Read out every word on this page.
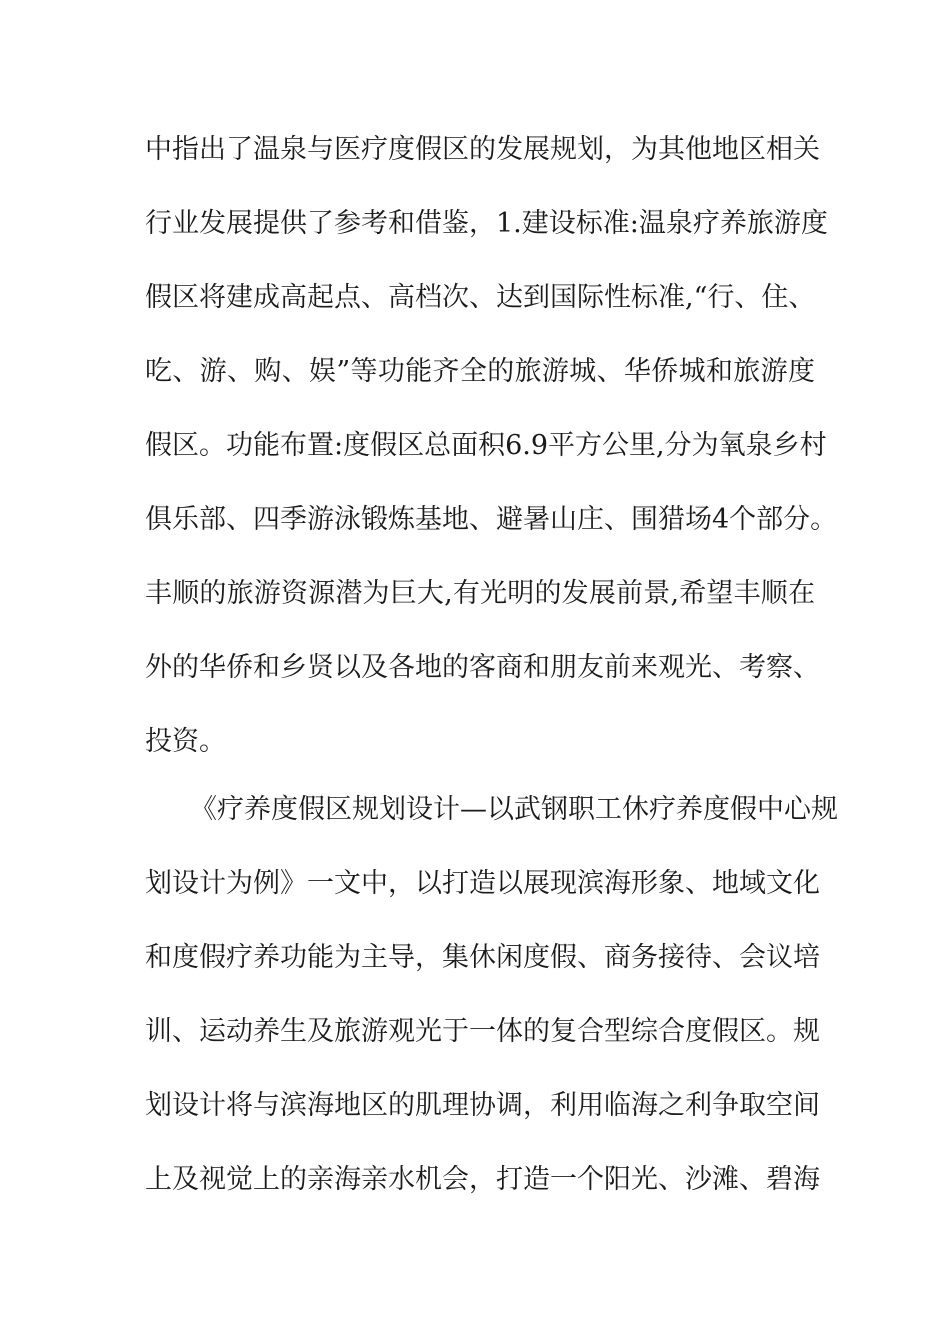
中指出了温泉与医疗度假区的发展规划，为其他地区相关
行业发展提供了参考和借鉴，1.建设标准:温泉疗养旅游度
假区将建成高起点、高档次、达到国际性标准,“行、住、
吃、游、购、娱”等功能齐全的旅游城、华侨城和旅游度
假区。功能布置:度假区总面积6.9平方公里,分为氧泉乡村
俱乐部、四季游泳锻炼基地、避暑山庄、围猎场4个部分。
丰顺的旅游资源潜为巨大,有光明的发展前景,希望丰顺在
外的华侨和乡贤以及各地的客商和朋友前来观光、考察、
投资。
《疗养度假区规划设计—以武钢职工休疗养度假中心规
划设计为例》一文中，以打造以展现滨海形象、地域文化
和度假疗养功能为主导，集休闲度假、商务接待、会议培
训、运动养生及旅游观光于一体的复合型综合度假区。规
划设计将与滨海地区的肌理协调，利用临海之利争取空间
上及视觉上的亲海亲水机会，打造一个阳光、沙滩、碧海
